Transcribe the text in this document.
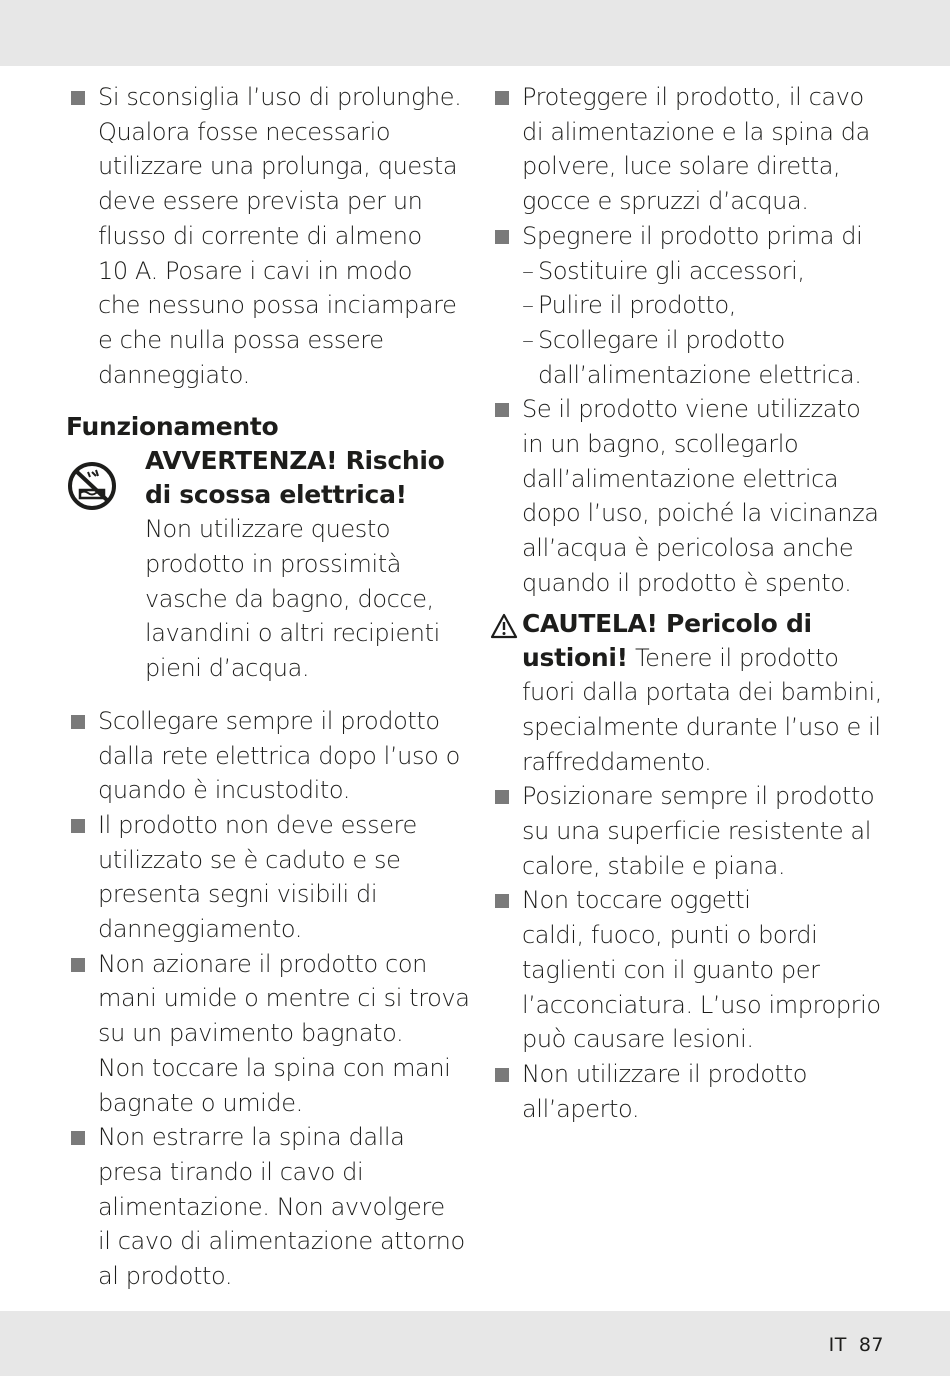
Si sconsiglia l’uso di prolunghe.
Qualora fosse necessario
utilizzare una prolunga, questa
deve essere prevista per un
flusso di corrente di almeno
10 A. Posare i cavi in modo
che nessuno possa inciampare
e che nulla possa essere
danneggiato.
Funzionamento
AVVERTENZA! Rischio
di scossa elettrica!
Non utilizzare questo
prodotto in prossimità
vasche da bagno, docce,
lavandini o altri recipienti
pieni d’acqua.
Scollegare sempre il prodotto
dalla rete elettrica dopo l’uso o
quando è incustodito.
Il prodotto non deve essere
utilizzato se è caduto e se
presenta segni visibili di
danneggiamento.
Non azionare il prodotto con
mani umide o mentre ci si trova
su un pavimento bagnato.
Non toccare la spina con mani
bagnate o umide.
Non estrarre la spina dalla
presa tirando il cavo di
alimentazione. Non avvolgere
il cavo di alimentazione attorno
al prodotto.
Proteggere il prodotto, il cavo
di alimentazione e la spina da
polvere, luce solare diretta,
gocce e spruzzi d’acqua.
Spegnere il prodotto prima di
– Sostituire gli accessori,
– Pulire il prodotto,
– Scollegare il prodotto
dall’alimentazione elettrica.
Se il prodotto viene utilizzato
in un bagno, scollegarlo
dall’alimentazione elettrica
dopo l’uso, poiché la vicinanza
all’acqua è pericolosa anche
quando il prodotto è spento.
CAUTELA! Pericolo di
ustioni! Tenere il prodotto
fuori dalla portata dei bambini,
specialmente durante l’uso e il
raffreddamento.
Posizionare sempre il prodotto
su una superficie resistente al
calore, stabile e piana.
Non toccare oggetti
caldi, fuoco, punti o bordi
taglienti con il guanto per
l’acconciatura. L’uso improprio
può causare lesioni.
Non utilizzare il prodotto
all’aperto.
IT 87
